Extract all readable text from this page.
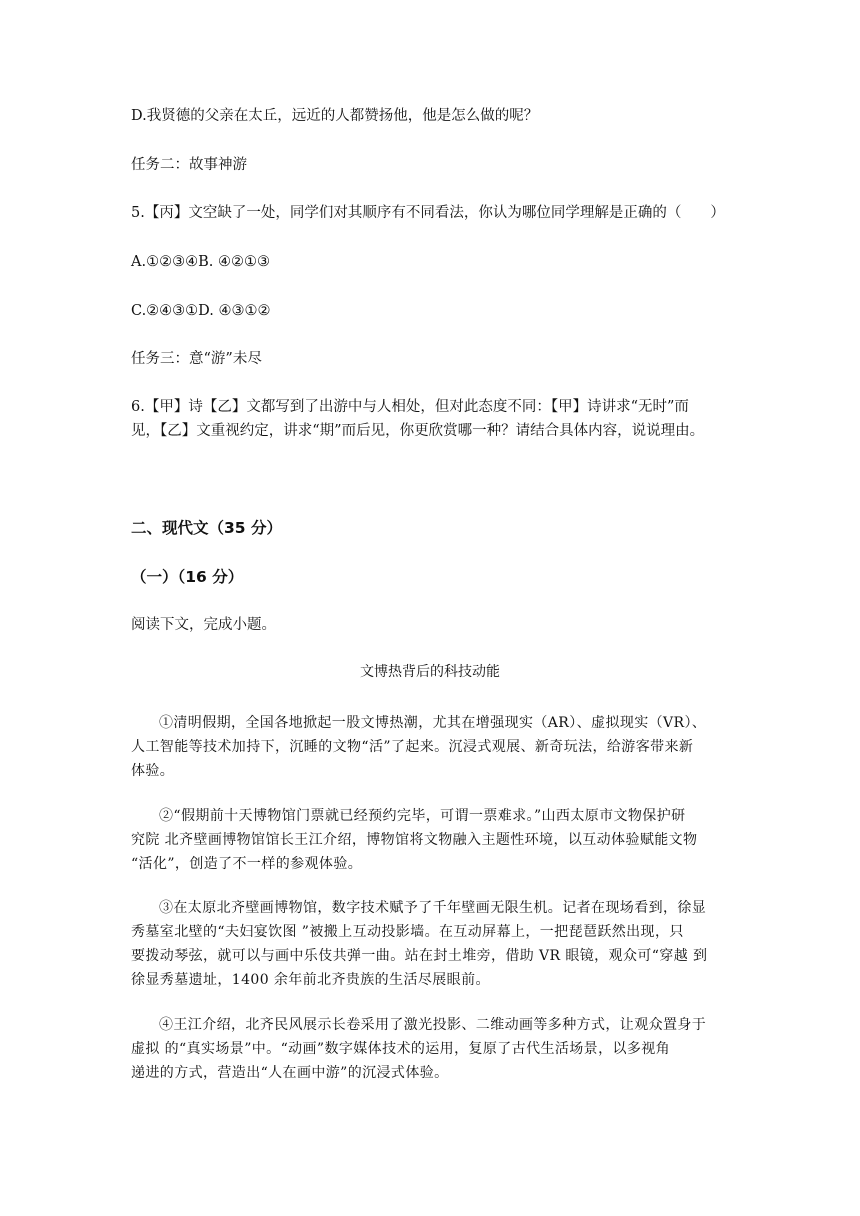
D.我贤德的父亲在太丘，远近的人都赞扬他，他是怎么做的呢？
任务二：故事神游
5.【丙】文空缺了一处，同学们对其顺序有不同看法，你认为哪位同学理解是正确的（　　）
A.①②③④B. ④②①③
C.②④③①D. ④③①②
任务三：意“游”未尽
6.【甲】诗【乙】文都写到了出游中与人相处，但对此态度不同：【甲】诗讲求“无时”而
见，【乙】文重视约定，讲求“期”而后见，你更欣赏哪一种？请结合具体内容，说说理由。
二、现代文（35 分）
（一）（16 分）
阅读下文，完成小题。
文博热背后的科技动能
①清明假期，全国各地掀起一股文博热潮，尤其在增强现实（AR）、虚拟现实（VR）、
人工智能等技术加持下，沉睡的文物“活”了起来。沉浸式观展、新奇玩法，给游客带来新
体验。
②“假期前十天博物馆门票就已经预约完毕，可谓一票难求。”山西太原市文物保护研
究院 北齐壁画博物馆馆长王江介绍，博物馆将文物融入主题性环境，以互动体验赋能文物
“活化”，创造了不一样的参观体验。
③在太原北齐壁画博物馆，数字技术赋予了千年壁画无限生机。记者在现场看到，徐显
秀墓室北壁的“夫妇宴饮图 ”被搬上互动投影墙。在互动屏幕上，一把琵琶跃然出现，只
要拨动琴弦，就可以与画中乐伎共弹一曲。站在封土堆旁，借助 VR 眼镜，观众可“穿越 到
徐显秀墓遗址，1400 余年前北齐贵族的生活尽展眼前。
④王江介绍，北齐民风展示长卷采用了激光投影、二维动画等多种方式，让观众置身于
虚拟 的“真实场景”中。“动画”数字媒体技术的运用，复原了古代生活场景，以多视角
递进的方式，营造出“人在画中游”的沉浸式体验。
